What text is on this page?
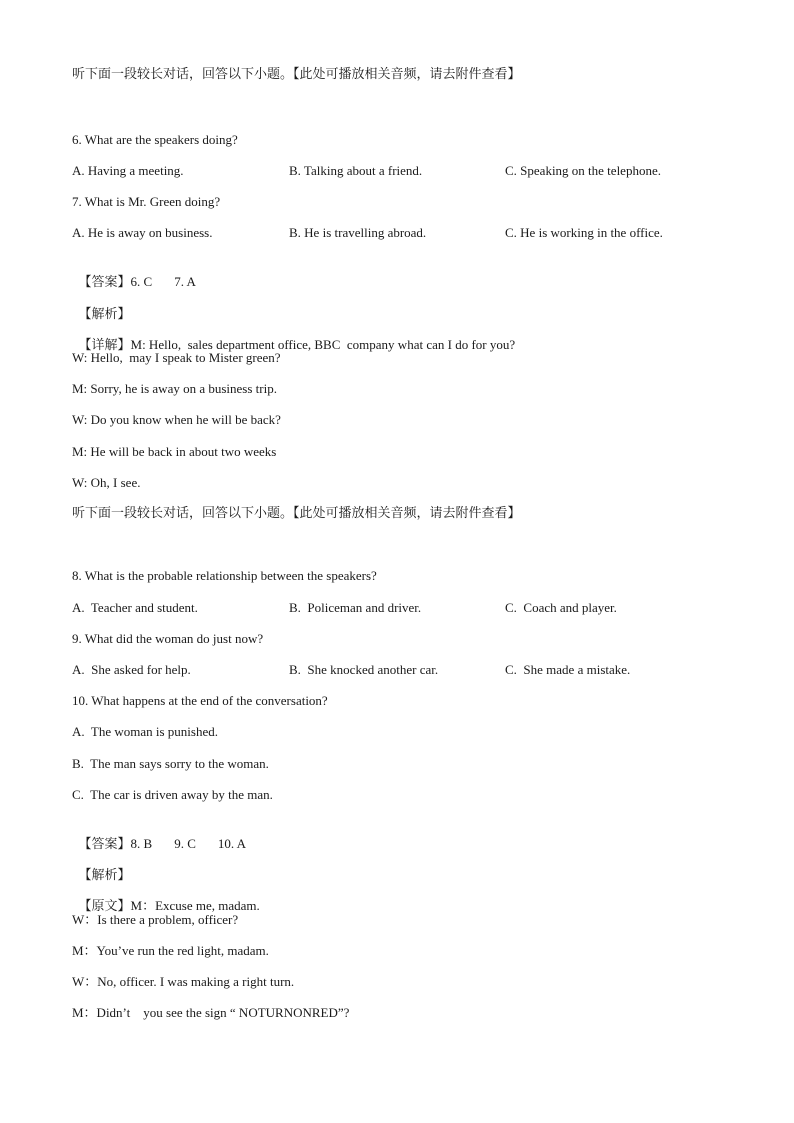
听下面一段较长对话，回答以下小题。【此处可播放相关音频，请去附件查看】
6. What are the speakers doing?
A. Having a meeting.	B. Talking about a friend.	C. Speaking on the telephone.
7. What is Mr. Green doing?
A. He is away on business.	B. He is travelling abroad.	C. He is working in the office.

【答案】6. C 7. A

【解析】

【详解】M: Hello,  sales department office, BBC  company what can I do for you?

W: Hello,  may I speak to Mister green?
M: Sorry, he is away on a business trip.
W: Do you know when he will be back?
M: He will be back in about two weeks
W: Oh, I see.
听下面一段较长对话，回答以下小题。【此处可播放相关音频，请去附件查看】
8. What is the probable relationship between the speakers?
A.  Teacher and student.	B.  Policeman and driver.	C.  Coach and player.
9. What did the woman do just now?
A.  She asked for help.	B.  She knocked another car.	C.  She made a mistake.
10. What happens at the end of the conversation?
A.  The woman is punished.
B.  The man says sorry to the woman.
C.  The car is driven away by the man.

【答案】8. B 9. C 10. A

【解析】

【原文】M：Excuse me, madam.

W：Is there a problem, officer?
M：You’ve run the red light, madam.
W：No, officer. I was making a right turn.
M：Didn’t    you see the sign “ NOTURNONRED”?
